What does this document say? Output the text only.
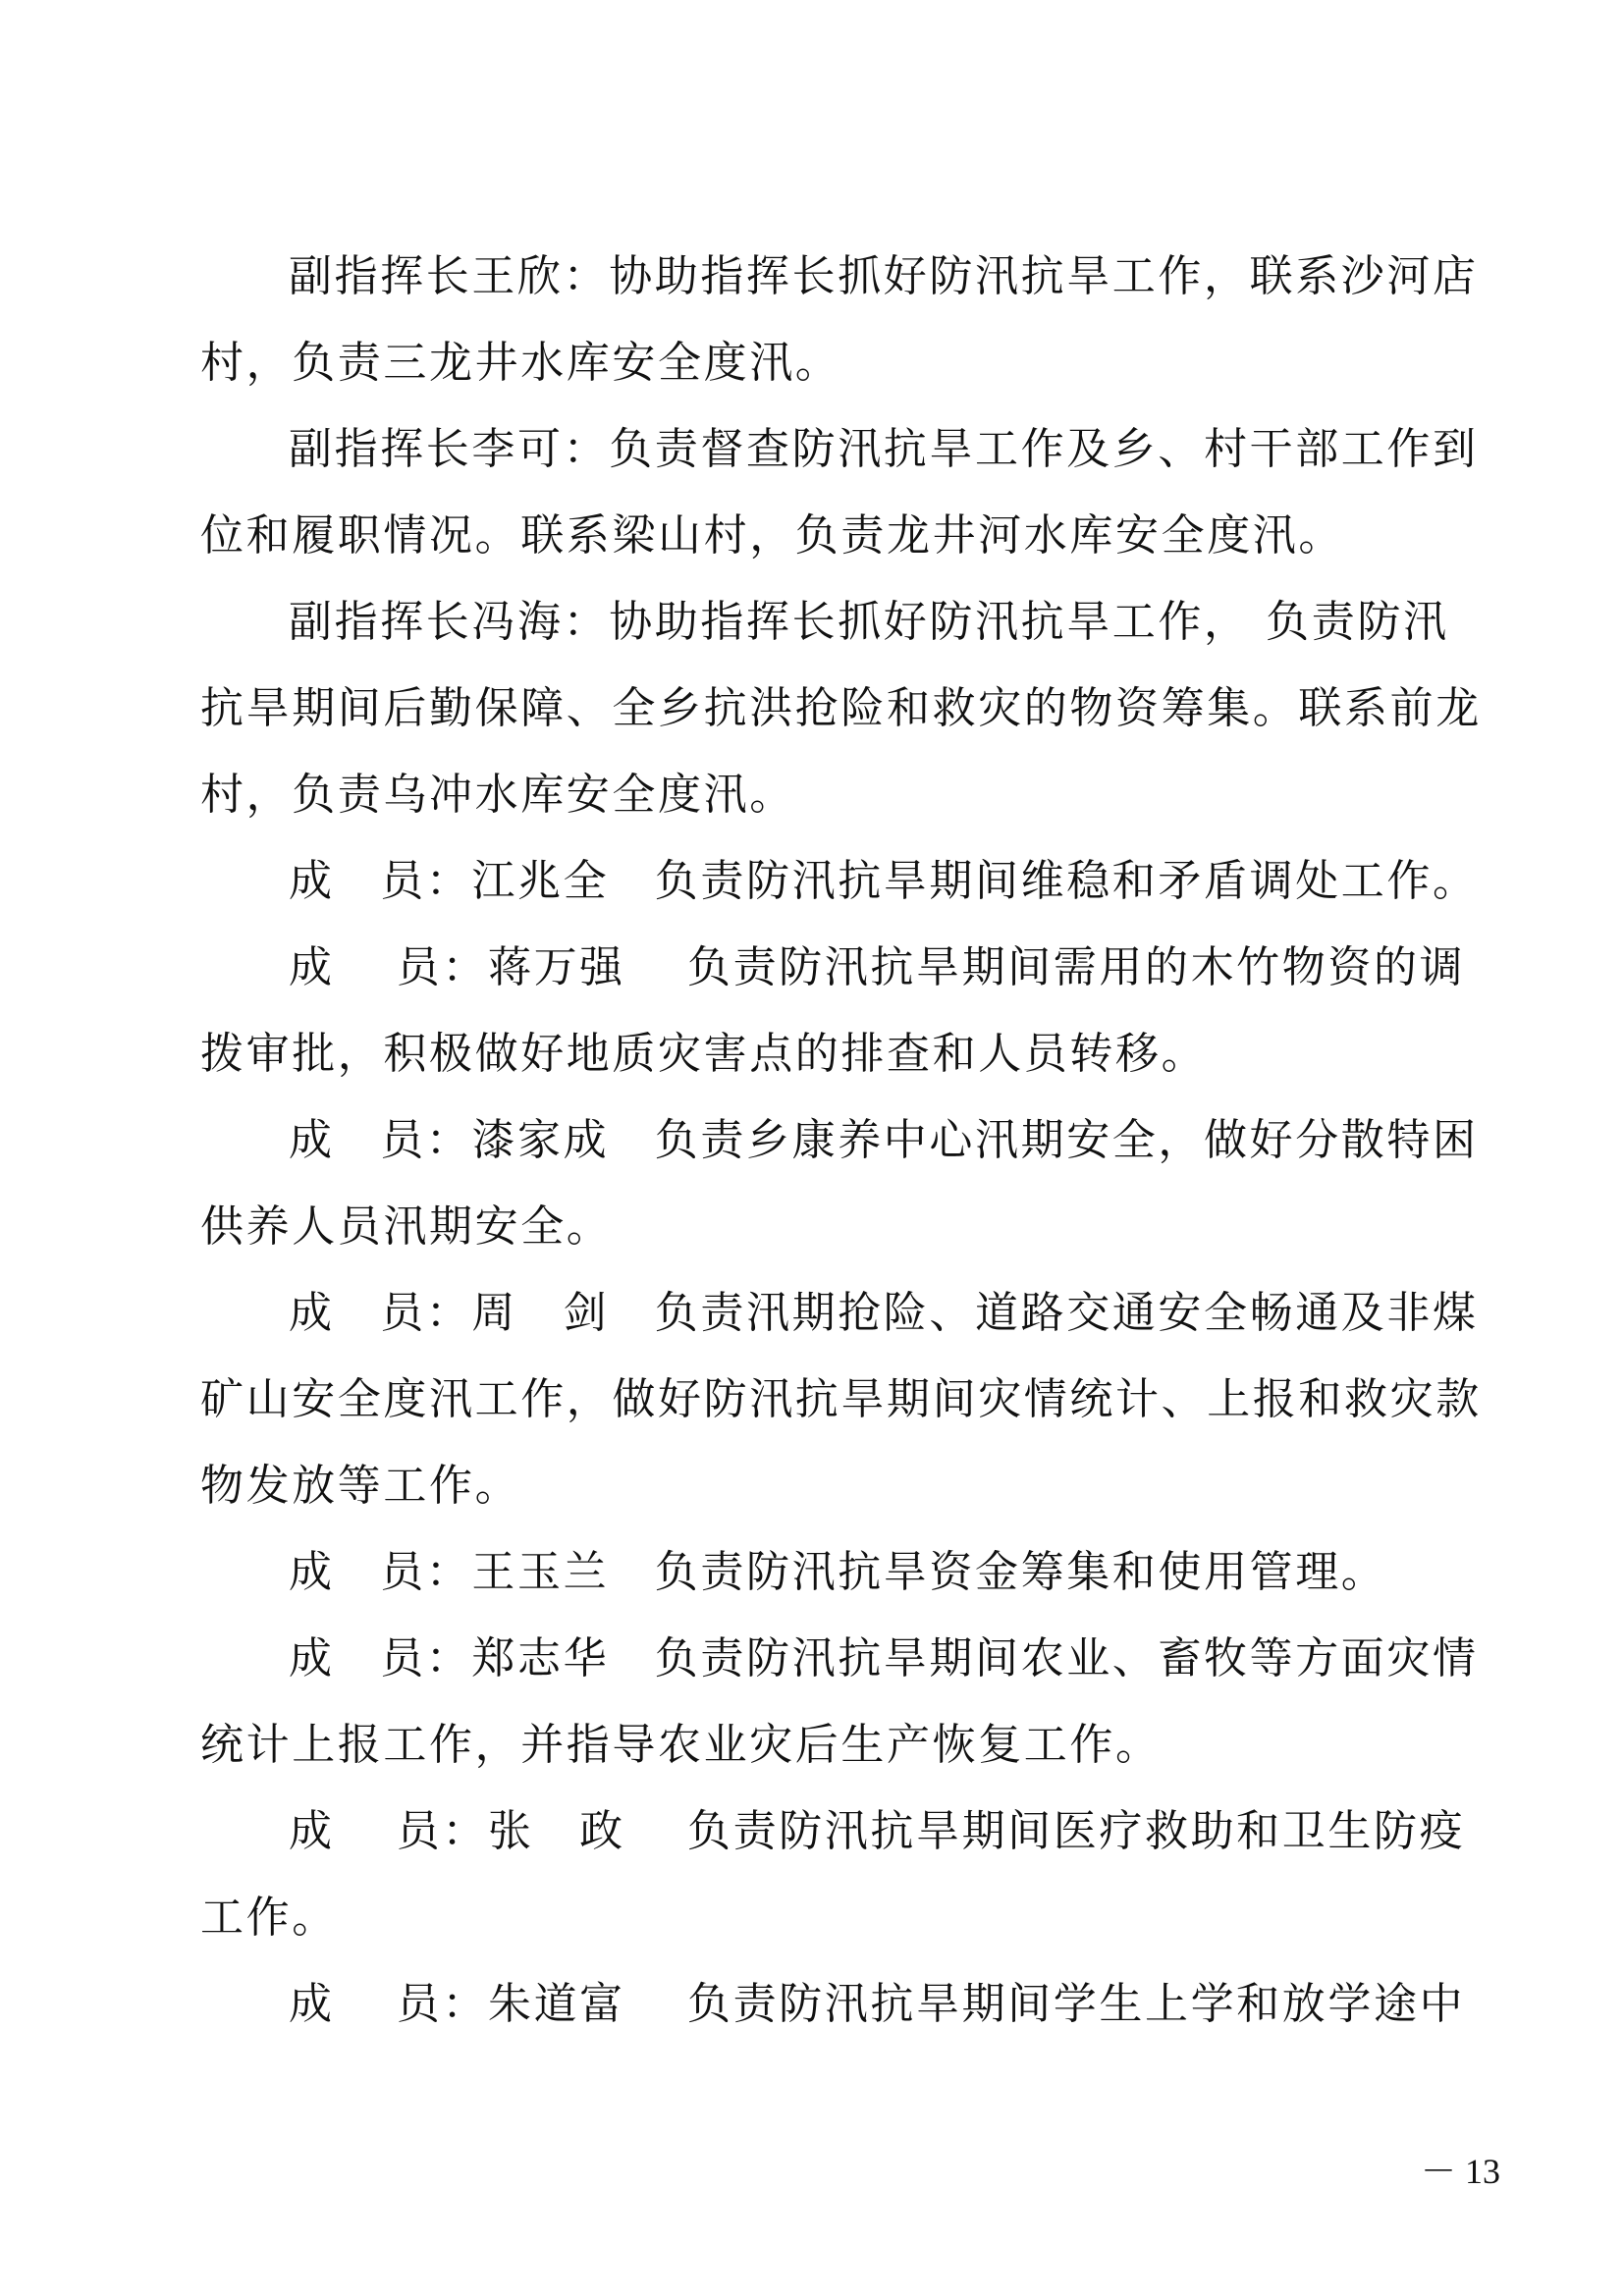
副指挥长王欣：协助指挥长抓好防汛抗旱工作，联系沙河店
村，负责三龙井水库安全度汛。
副指挥长李可：负责督查防汛抗旱工作及乡、村干部工作到
位和履职情况。联系梁山村，负责龙井河水库安全度汛。
副指挥长冯海：协助指挥长抓好防汛抗旱工作， 负责防汛
抗旱期间后勤保障、全乡抗洪抢险和救灾的物资筹集。联系前龙
村，负责乌冲水库安全度汛。
成　员：江兆全　负责防汛抗旱期间维稳和矛盾调处工作。
成　 员：蒋万强　 负责防汛抗旱期间需用的木竹物资的调
拨审批，积极做好地质灾害点的排查和人员转移。
成　员：漆家成　负责乡康养中心汛期安全，做好分散特困
供养人员汛期安全。
成　员：周　剑　负责汛期抢险、道路交通安全畅通及非煤
矿山安全度汛工作，做好防汛抗旱期间灾情统计、上报和救灾款
物发放等工作。
成　员：王玉兰　负责防汛抗旱资金筹集和使用管理。
成　员：郑志华　负责防汛抗旱期间农业、畜牧等方面灾情
统计上报工作，并指导农业灾后生产恢复工作。
成　 员：张　政　 负责防汛抗旱期间医疗救助和卫生防疫
工作。
成　 员：朱道富　 负责防汛抗旱期间学生上学和放学途中
－ 13
